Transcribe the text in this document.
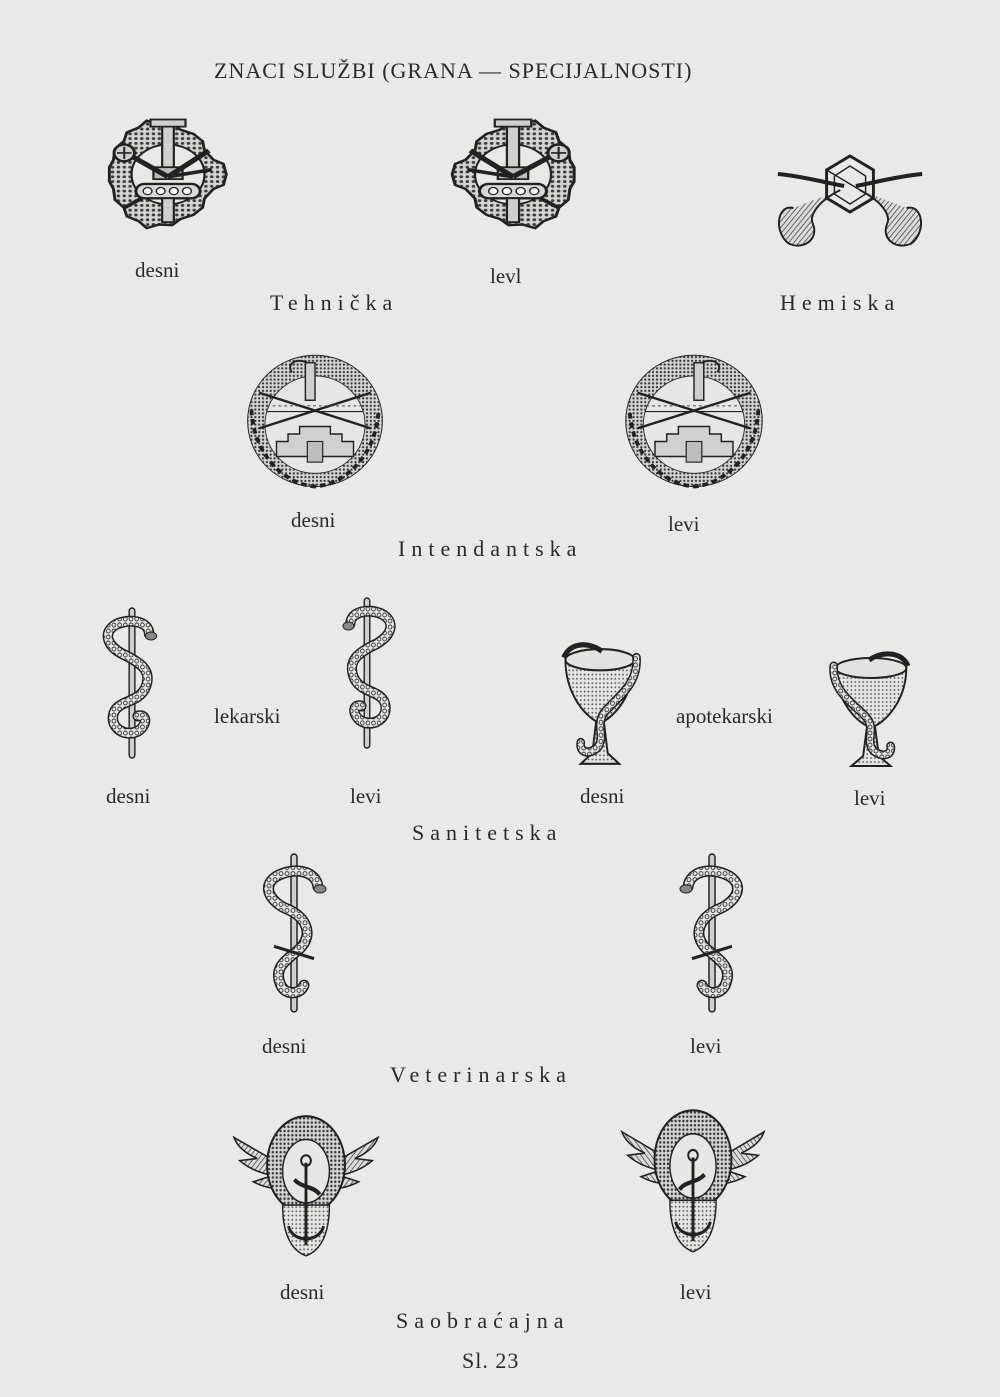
ZNACI SLUŽBI (GRANA — SPECIJALNOSTI)
desni	levl
Tehnička	Hemiska
desni	levi
Intendantska
lekarski	apotekarski
desni	levi	desni	levi
Sanitetska
desni	levi
Veterinarska
desni	levi
Saobraćajna
Sl. 23
